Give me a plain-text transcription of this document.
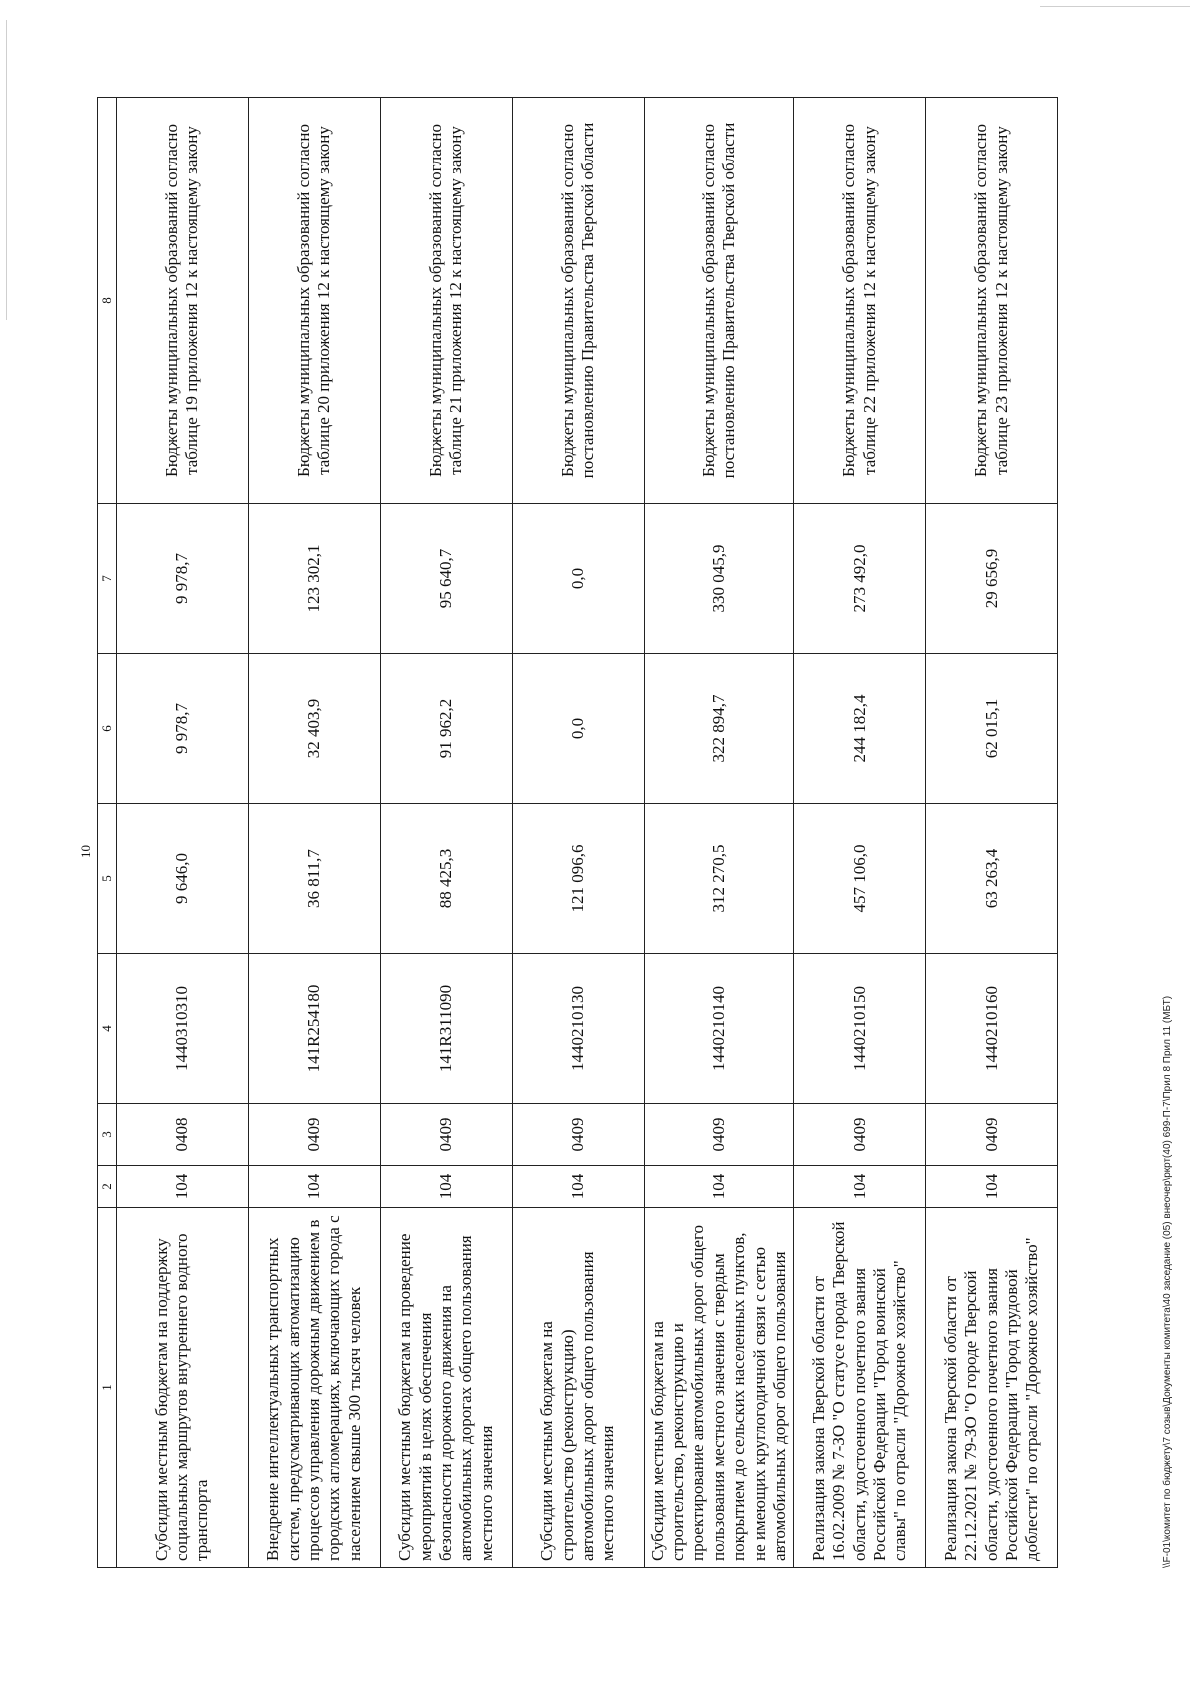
10
1	2	3	4	5	6	7	8
Субсидии местным бюджетам на поддержку социальных маршрутов внутреннего водного транспорта	104	0408	1440310310	9 646,0	9 978,7	9 978,7	Бюджеты муниципальных образований согласно таблице 19 приложения 12 к настоящему закону
Внедрение интеллектуальных транспортных систем, предусматривающих автоматизацию процессов управления дорожным движением в городских агломерациях, включающих города с населением свыше 300 тысяч человек	104	0409	141R254180	36 811,7	32 403,9	123 302,1	Бюджеты муниципальных образований согласно таблице 20 приложения 12 к настоящему закону
Субсидии местным бюджетам на проведение мероприятий в целях обеспечения безопасности дорожного движения на автомобильных дорогах общего пользования местного значения	104	0409	141R311090	88 425,3	91 962,2	95 640,7	Бюджеты муниципальных образований согласно таблице 21 приложения 12 к настоящему закону
Субсидии местным бюджетам на строительство (реконструкцию) автомобильных дорог общего пользования местного значения	104	0409	1440210130	121 096,6	0,0	0,0	Бюджеты муниципальных образований согласно постановлению Правительства Тверской области
Субсидии местным бюджетам на строительство, реконструкцию и проектирование автомобильных дорог общего пользования местного значения с твердым покрытием до сельских населенных пунктов, не имеющих круглогодичной связи с сетью автомобильных дорог общего пользования	104	0409	1440210140	312 270,5	322 894,7	330 045,9	Бюджеты муниципальных образований согласно постановлению Правительства Тверской области
Реализация закона Тверской области от 16.02.2009 № 7-ЗО "О статусе города Тверской области, удостоенного почетного звания Российской Федерации "Город воинской славы" по отрасли "Дорожное хозяйство"	104	0409	1440210150	457 106,0	244 182,4	273 492,0	Бюджеты муниципальных образований согласно таблице 22 приложения 12 к настоящему закону
Реализация закона Тверской области от 22.12.2021 № 79-ЗО "О городе Тверской области, удостоенного почетного звания Российской Федерации "Город трудовой доблести" по отрасли "Дорожное хозяйство"	104	0409	1440210160	63 263,4	62 015,1	29 656,9	Бюджеты муниципальных образований согласно таблице 23 приложения 12 к настоящему закону
\\F-01\комитет по бюджету\7 созыв\Документы комитета\40 заседание (05) внеочер\ркрт(40) 699-П-7\Прил 8 Прил 11 (МБТ)
